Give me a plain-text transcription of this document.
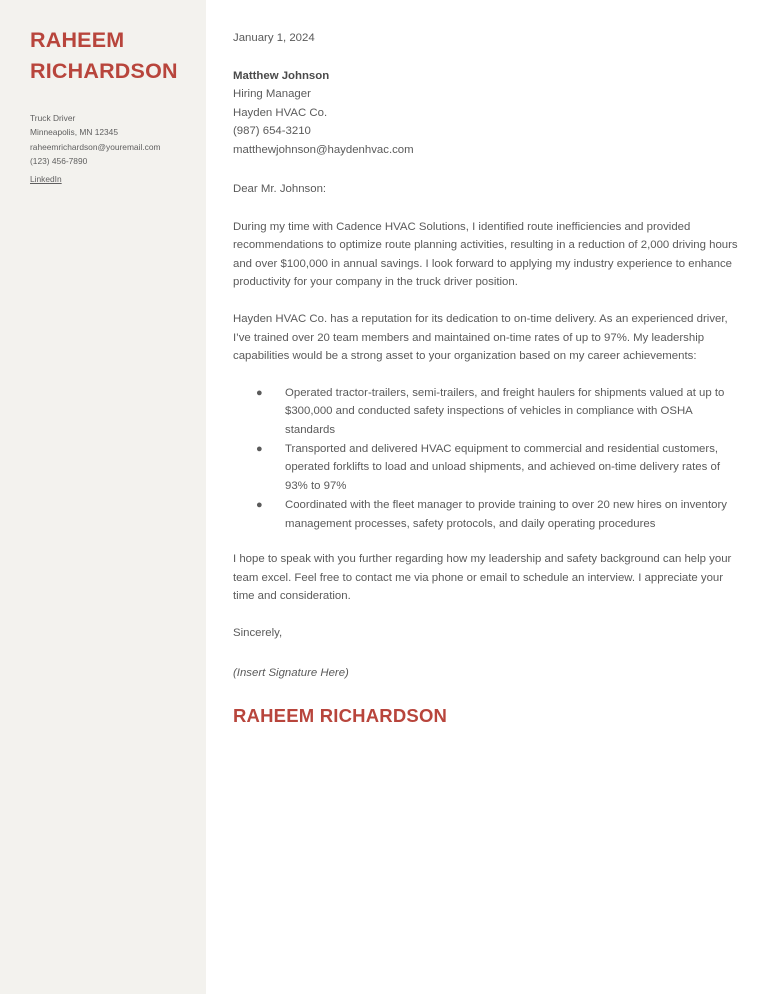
RAHEEM
RICHARDSON
Truck Driver
Minneapolis, MN 12345
raheemrichardson@youremail.com
(123) 456-7890
LinkedIn
January 1, 2024
Matthew Johnson
Hiring Manager
Hayden HVAC Co.
(987) 654-3210
matthewjohnson@haydenhvac.com
Dear Mr. Johnson:

During my time with Cadence HVAC Solutions, I identified route inefficiencies and provided recommendations to optimize route planning activities, resulting in a reduction of 2,000 driving hours and over $100,000 in annual savings. I look forward to applying my industry experience to enhance productivity for your company in the truck driver position.

Hayden HVAC Co. has a reputation for its dedication to on-time delivery. As an experienced driver, I’ve trained over 20 team members and maintained on-time rates of up to 97%. My leadership capabilities would be a strong asset to your organization based on my career achievements:

● Operated tractor-trailers, semi-trailers, and freight haulers for shipments valued at up to $300,000 and conducted safety inspections of vehicles in compliance with OSHA standards
● Transported and delivered HVAC equipment to commercial and residential customers, operated forklifts to load and unload shipments, and achieved on-time delivery rates of 93% to 97%
● Coordinated with the fleet manager to provide training to over 20 new hires on inventory management processes, safety protocols, and daily operating procedures

I hope to speak with you further regarding how my leadership and safety background can help your team excel. Feel free to contact me via phone or email to schedule an interview. I appreciate your time and consideration.

Sincerely,
(Insert Signature Here)
RAHEEM RICHARDSON
